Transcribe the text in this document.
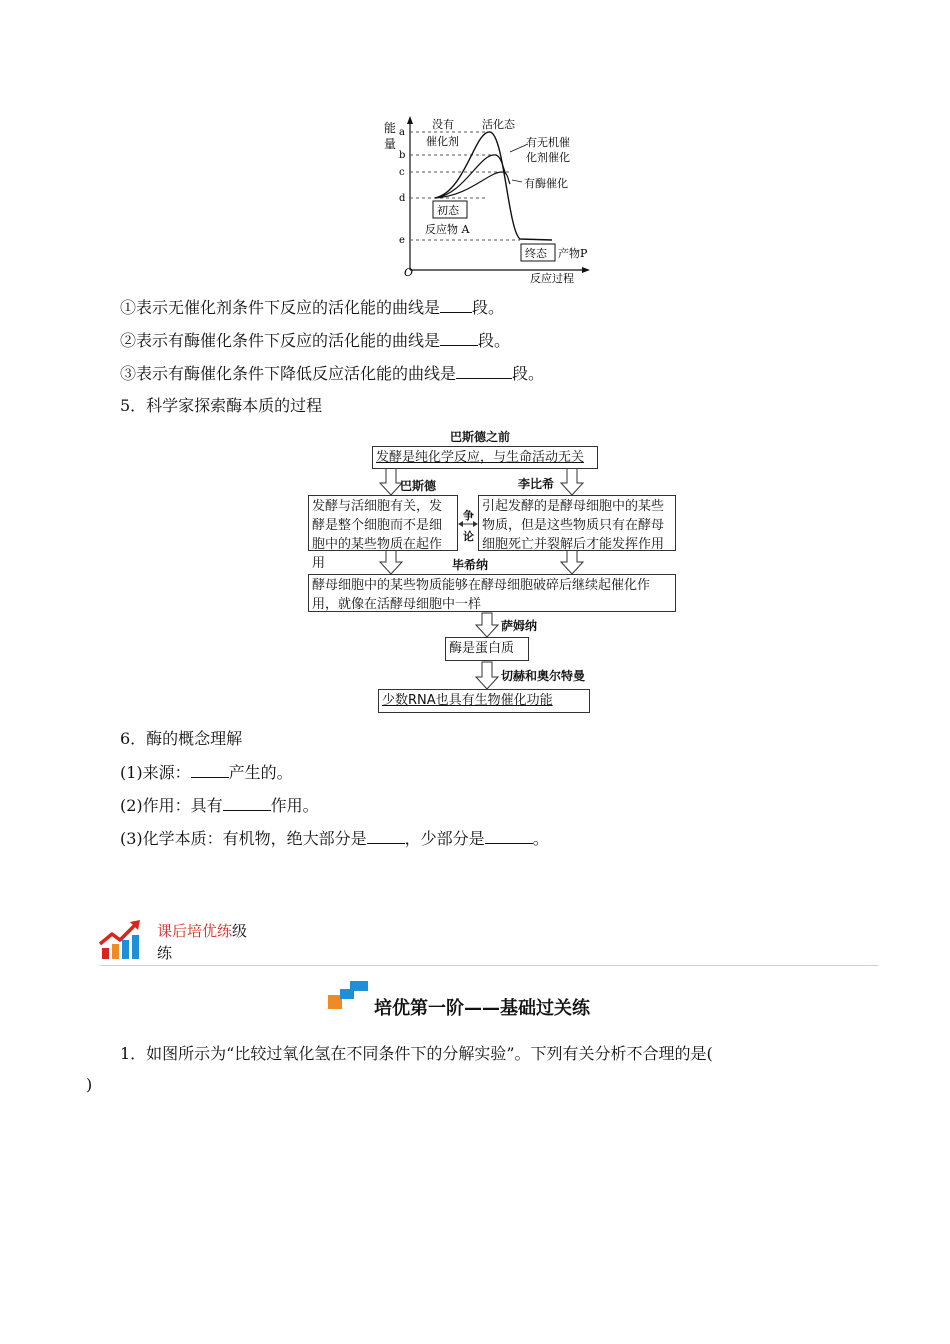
能
量
a
b
c
d
e
O	反应过程
没有
催化剂
活化态
有无机催
化剂催化
有酶催化
初态
反应物 A
终态 产物P
①表示无催化剂条件下反应的活化能的曲线是 段。
②表示有酶催化条件下反应的活化能的曲线是 段。
③表示有酶催化条件下降低反应活化能的曲线是	段。
5．科学家探索酶本质的过程
巴斯德之前
发酵是纯化学反应，与生命活动无关
巴斯德	李比希
发酵与活细胞有关，发酵是整个细胞而不是细胞中的某些物质在起作用
争
论
引起发酵的是酵母细胞中的某些物质，但是这些物质只有在酵母细胞死亡并裂解后才能发挥作用
毕希纳
酵母细胞中的某些物质能够在酵母细胞破碎后继续起催化作用，就像在活酵母细胞中一样
萨姆纳
酶是蛋白质
切赫和奥尔特曼
少数RNA也具有生物催化功能
6．酶的概念理解
(1)来源： 产生的。
(2)作用：具有	作用。
(3)化学本质：有机物，绝大部分是 ，少部分是	。
课后培优练级
练
培优第一阶——基础过关练
1．如图所示为“比较过氧化氢在不同条件下的分解实验”。下列有关分析不合理的是(
)
